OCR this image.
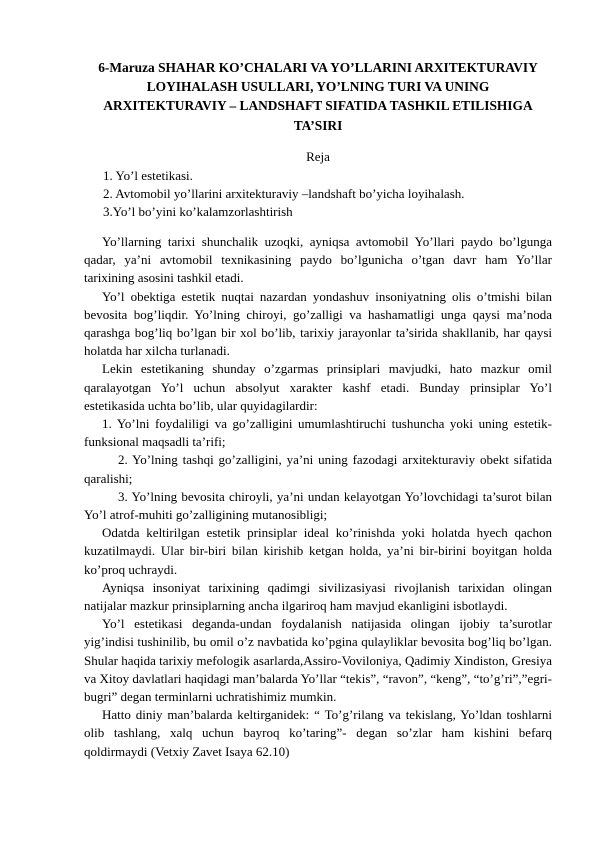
6-Maruza SHAHAR KO’CHALARI VA YO’LLARINI ARXITEKTURAVIY LOYIHALASH USULLARI, YO’LNING TURI VA UNING ARXITEKTURAVIY – LANDSHAFT SIFATIDA TASHKIL ETILISHIGA TA’SIRI
Reja
1. Yo’l estetikasi.
2. Avtomobil yo’llarini arxitekturaviy –landshaft bo’yicha loyihalash.
3.Yo’l bo’yini ko’kalamzorlashtirish

Yo’llarning tarixi shunchalik uzoqki, ayniqsa avtomobil Yo’llari paydo bo’lgunga qadar, ya’ni avtomobil texnikasining paydo bo’lgunicha o’tgan davr ham Yo’llar tarixining asosini tashkil etadi.

Yo’l obektiga estetik nuqtai nazardan yondashuv insoniyatning olis o’tmishi bilan bevosita bog’liqdir. Yo’lning chiroyi, go’zalligi va hashamatligi unga qaysi ma’noda qarashga bog’liq bo’lgan bir xol bo’lib, tarixiy jarayonlar ta’sirida shakllanib, har qaysi holatda har xilcha turlanadi.

Lekin estetikaning shunday o’zgarmas prinsiplari mavjudki, hato mazkur omil qaralayotgan Yo’l uchun absolyut xarakter kashf etadi. Bunday prinsiplar Yo’l estetikasida uchta bo’lib, ular quyidagilardir:

1. Yo’lni foydaliligi va go’zalligini umumlashtiruchi tushuncha yoki uning estetik-funksional maqsadli ta’rifi;

2. Yo’lning tashqi go’zalligini, ya’ni uning fazodagi arxitekturaviy obekt sifatida qaralishi;

3. Yo’lning bevosita chiroyli, ya’ni undan kelayotgan Yo’lovchidagi ta’surot bilan Yo’l atrof-muhiti go’zalligining mutanosibligi;

Odatda keltirilgan estetik prinsiplar ideal ko’rinishda yoki holatda hyech qachon kuzatilmaydi. Ular bir-biri bilan kirishib ketgan holda, ya’ni bir-birini boyitgan holda ko’proq uchraydi.

Ayniqsa insoniyat tarixining qadimgi sivilizasiyasi rivojlanish tarixidan olingan natijalar mazkur prinsiplarning ancha ilgariroq ham mavjud ekanligini isbotlaydi.

Yo’l estetikasi deganda-undan foydalanish natijasida olingan ijobiy ta’surotlar yig’indisi tushinilib, bu omil o’z navbatida ko’pgina qulayliklar bevosita bog’liq bo’lgan. Shular haqida tarixiy mefologik asarlarda,Assiro-Voviloniya, Qadimiy Xindiston, Gresiya va Xitoy davlatlari haqidagi man’balarda Yo’llar “tekis”, “ravon”, “keng”, “to’g’ri”,”egri-bugri” degan terminlarni uchratishimiz mumkin.

Hatto diniy man’balarda keltirganidek: “ To’g’rilang va tekislang, Yo’ldan toshlarni olib tashlang, xalq uchun bayroq ko’taring”- degan so’zlar ham kishini befarq qoldirmaydi (Vetxiy Zavet Isaya 62.10)
